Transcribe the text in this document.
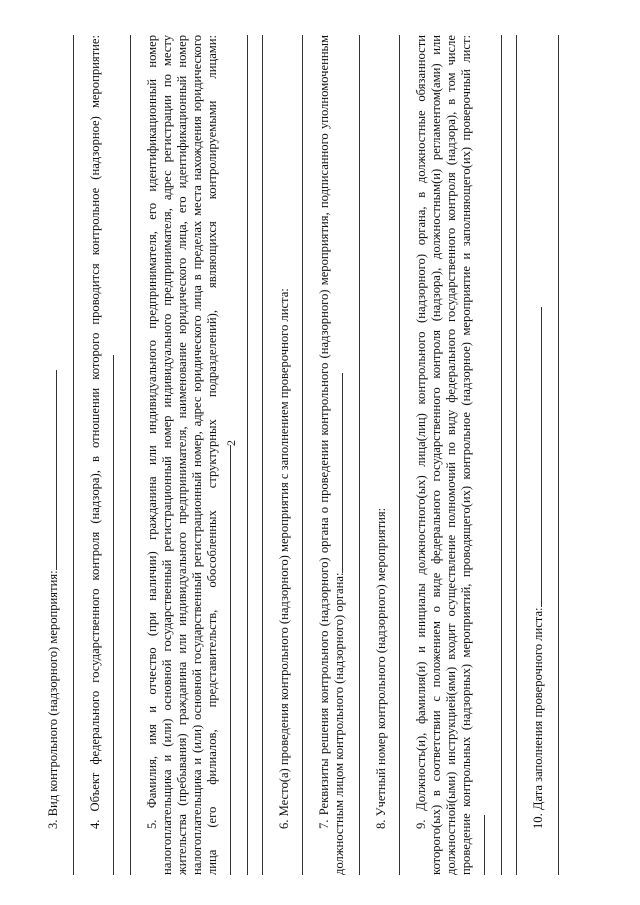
2

3. Вид контрольного (надзорного) мероприятия: 4. Объект федерального государственного контроля (надзора), в отношении которого проводится контрольное (надзорное) мероприятие:	5. Фамилия, имя и отчество (при наличии) гражданина или индивидуального предпринимателя, его идентификационный номер налогоплательщика и (или) основной государственный регистрационный номер индивидуального предпринимателя, адрес регистрации по месту жительства (пребывания) гражданина или индивидуального предпринимателя, наименование юридического лица, его идентификационный номер налогоплательщика и (или) основной государственный регистрационный номер, адрес юридического лица в пределах места нахождения юридического лица (его филиалов, представительств, обособленных структурных подразделений), являющихся контролируемыми лицами:	6. Место(а) проведения контрольного (надзорного) мероприятия с заполнением проверочного листа: 7. Реквизиты решения контрольного (надзорного) органа о проведении контрольного (надзорного) мероприятия, подписанного уполномоченным должностным лицом контрольного (надзорного) органа: 8. Учетный номер контрольного (надзорного) мероприятия: 9. Должность(и), фамилия(и) и инициалы должностного(ых) лица(лиц) контрольного (надзорного) органа, в должностные обязанности которого(ых) в соответствии с положением о виде федерального государственного контроля (надзора), должностным(и) регламентом(ами) или должностной(ыми) инструкцией(ями) входит осуществление полномочий по виду федерального государственного контроля (надзора), в том числе проведение контрольных (надзорных) мероприятий, проводящего(их) контрольное (надзорное) мероприятие и заполняющего(их) проверочный лист:	10. Дата заполнения проверочного листа:
